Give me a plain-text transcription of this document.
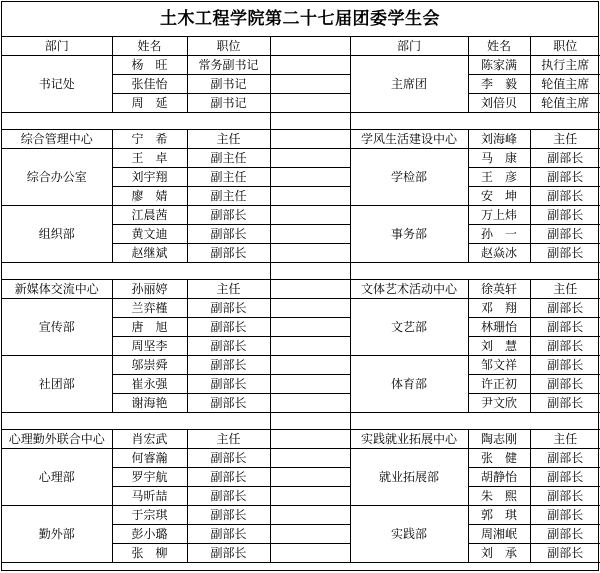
土木工程学院第二十七届团委学生会
部门	姓名	职位		部门	姓名	职位
书记处	杨　旺	常务副书记		主席团	陈家满	执行主席
	张佳怡	副书记			李　毅	轮值主席
	周　延	副书记			刘倍贝	轮值主席

综合管理中心	宁　希	主任		学风生活建设中心	刘海峰	主任
综合办公室	王　卓	副主任		学检部	马　康	副部长
	刘宇翔	副主任			王　彦	副部长
	廖　婧	副主任			安　坤	副部长
组织部	江晨茜	副部长		事务部	万上炜	副部长
	黄文迪	副部长			孙　一	副部长
	赵继斌	副部长			赵焱冰	副部长

新媒体交流中心	孙丽婷	主任		文体艺术活动中心	徐英轩	主任
宣传部	兰弈槿	副部长		文艺部	邓　翔	副部长
	唐　旭	副部长			林珊怡	副部长
	周坚李	副部长			刘　慧	副部长
社团部	邬崇舜	副部长		体育部	邹文祥	副部长
	崔永强	副部长			许正初	副部长
	谢海艳	副部长			尹文欣	副部长

心理勤外联合中心	肖宏武	主任		实践就业拓展中心	陶志刚	主任
心理部	何睿瀚	副部长		就业拓展部	张　健	副部长
	罗宇航	副部长			胡静怡	副部长
	马昕喆	副部长			朱　熙	副部长
勤外部	于宗琪	副部长		实践部	郭　琪	副部长
	彭小璐	副部长			周湘岷	副部长
	张　柳	副部长			刘　承	副部长
